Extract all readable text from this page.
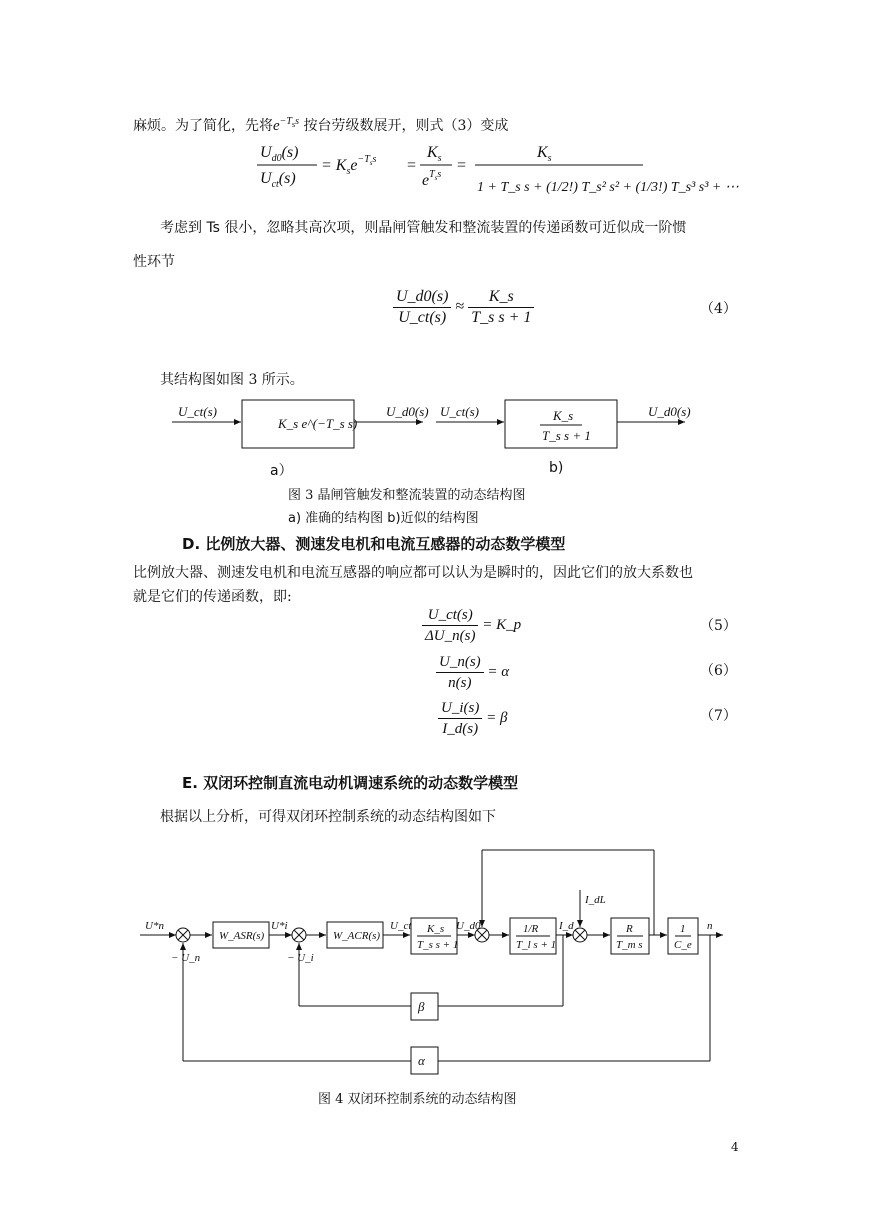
麻烦。为了简化，先将$e^{-T_ss}$ 按台劳级数展开，则式（3）变成
$U_{d0}(s)$
$U_{ct}(s)$
= $K_se^{-T}ss$ =
$K_s$
$e^Tss$
=
$K_s$
1 + T_s s + (1/2!) T_s² s² + (1/3!) T_s³ s³ + ⋯
考虑到 Ts 很小，忽略其高次项，则晶闸管触发和整流装置的传递函数可近似成一阶惯
性环节
$\frac{U\_d0(s)}{U\_ct(s)} \approx \frac{K\_s}{\text{T\_s s + 1}}$	（4）
其结构图如图 3 所示。
U_ct(s)
K_s e^(−T_s s)
U_d0(s) U_ct(s)	K_s
T_s s + 1
U_d0(s)
a）	b)
图 3 晶闸管触发和整流装置的动态结构图
a) 准确的结构图 b)近似的结构图
D. 比例放大器、测速发电机和电流互感器的动态数学模型
比例放大器、测速发电机和电流互感器的响应都可以认为是瞬时的，因此它们的放大系数也
就是它们的传递函数，即:
$\frac{U\_ct(s)}{\Delta U\_n(s)}$ = K_p	（5）
$\frac{U\_n(s)}{n(s)} = \alpha$	（6）
$\frac{U\_i(s)}{I\_d(s)} = \beta$	（7）
E. 双闭环控制直流电动机调速系统的动态数学模型
根据以上分析，可得双闭环控制系统的动态结构图如下
U*n
W_ASR(s)
U*i
W_ACR(s)
U_ct K_s
T_s s + 1
U_d0	1/R
T_l s + 1
I_d
I_dL
R
T_m s
1
C_e
n
β
α
− U_n	− U_i
图 4 双闭环控制系统的动态结构图
4
